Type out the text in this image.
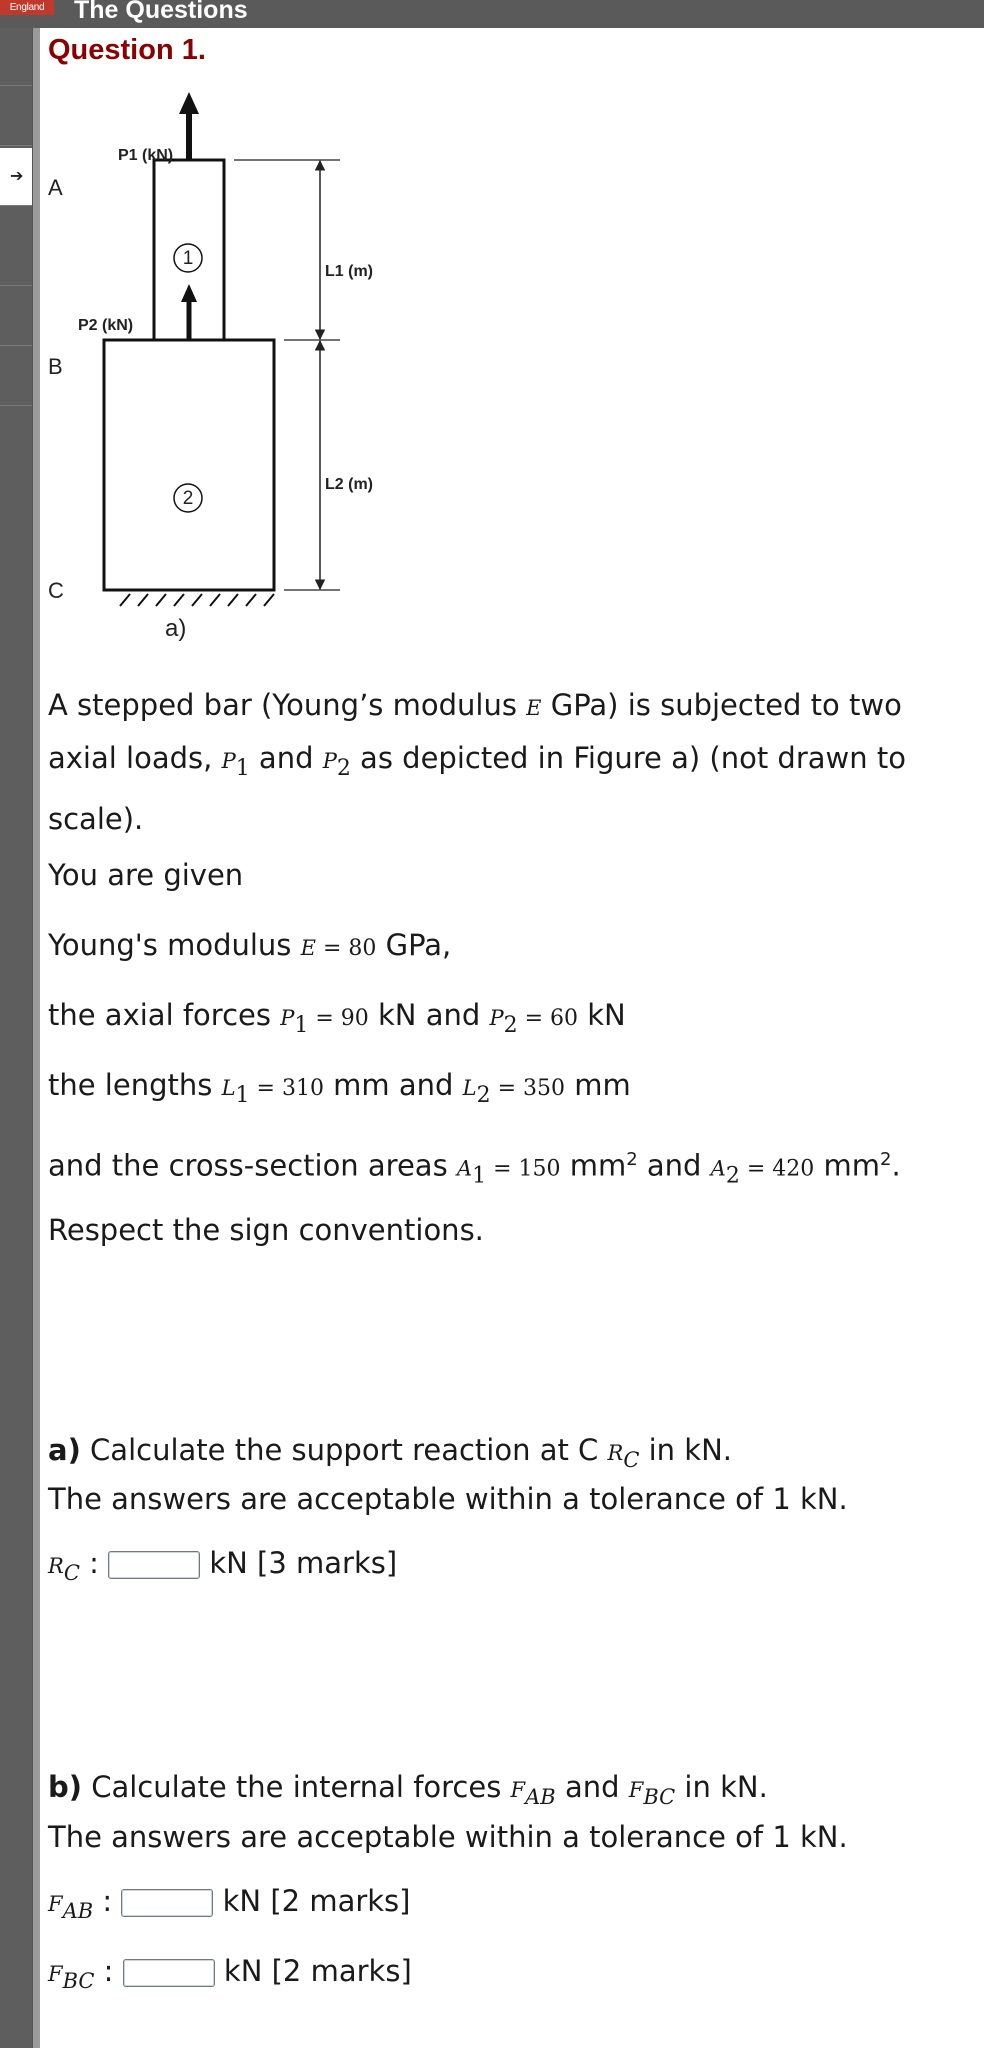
England	The Questions
➔
Question 1.
1
2
P1 (kN)
P2 (kN)
L1 (m)
L2 (m)
A
B
C
a)

A stepped bar (Young’s modulus E GPa) is subjected to two axial loads, $P_1$ and $P_2$ as depicted in Figure a) (not drawn to scale).

You are given

Young's modulus E = 80 GPa,

the axial forces $P_1 = 90$ kN and $P_2 = 60$ kN

the lengths $L_1 = 310$ mm and $L_2 = 350$ mm

and the cross-section areas $A_1 = 150$ $mm^2$ and $A_2 = 420$ $mm^2$.

Respect the sign conventions.

a) Calculate the support reaction at C $R_C$ in kN.

The answers are acceptable within a tolerance of 1 kN.

$R_C$ :	kN [3 marks]

b) Calculate the internal forces $F_{AB}$ and $F_{BC}$ in kN.

The answers are acceptable within a tolerance of 1 kN.

$F_{AB}$ :	kN [2 marks]
$F_{BC}$ :	kN [2 marks]
